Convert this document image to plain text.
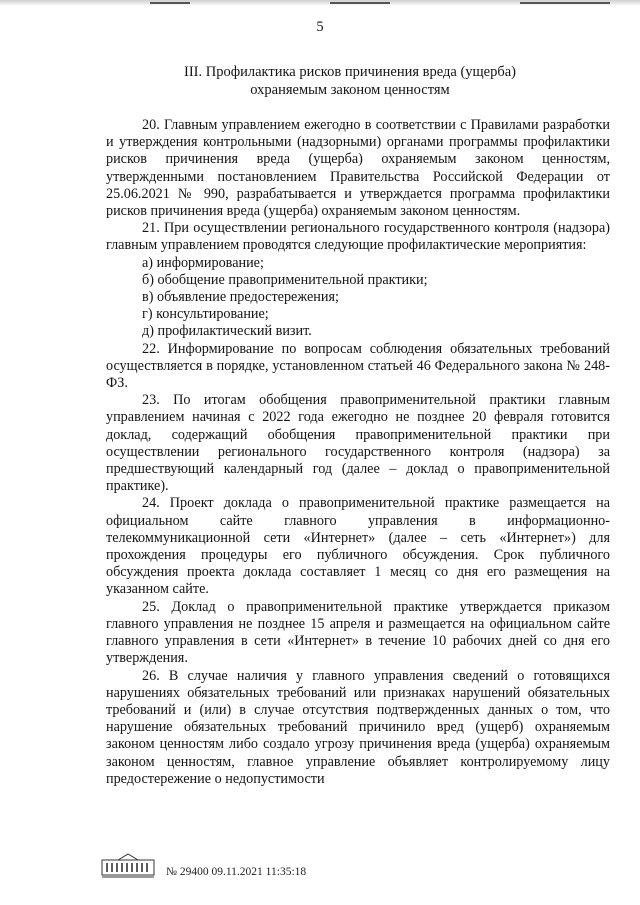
5
III. Профилактика рисков причинения вреда (ущерба)
охраняемым законом ценностям

20. Главным управлением ежегодно в соответствии с Правилами разработки и утверждения контрольными (надзорными) органами программы профилактики рисков причинения вреда (ущерба) охраняемым законом ценностям, утвержденными постановлением Правительства Российской Федерации от 25.06.2021 № 990, разрабатывается и утверждается программа профилактики рисков причинения вреда (ущерба) охраняемым законом ценностям.

21. При осуществлении регионального государственного контроля (надзора) главным управлением проводятся следующие профилактические мероприятия:

а) информирование;

б) обобщение правоприменительной практики;

в) объявление предостережения;

г) консультирование;

д) профилактический визит.

22. Информирование по вопросам соблюдения обязательных требований осуществляется в порядке, установленном статьей 46 Федерального закона № 248-ФЗ.

23. По итогам обобщения правоприменительной практики главным управлением начиная с 2022 года ежегодно не позднее 20 февраля готовится доклад, содержащий обобщения правоприменительной практики при осуществлении регионального государственного контроля (надзора) за предшествующий календарный год (далее – доклад о правоприменительной практике).

24. Проект доклада о правоприменительной практике размещается на официальном сайте главного управления в информационно-телекоммуникационной сети «Интернет» (далее – сеть «Интернет») для прохождения процедуры его публичного обсуждения. Срок публичного обсуждения проекта доклада составляет 1 месяц со дня его размещения на указанном сайте.

25. Доклад о правоприменительной практике утверждается приказом главного управления не позднее 15 апреля и размещается на официальном сайте главного управления в сети «Интернет» в течение 10 рабочих дней со дня его утверждения.

26. В случае наличия у главного управления сведений о готовящихся нарушениях обязательных требований или признаках нарушений обязательных требований и (или) в случае отсутствия подтвержденных данных о том, что нарушение обязательных требований причинило вред (ущерб) охраняемым законом ценностям либо создало угрозу причинения вреда (ущерба) охраняемым законом ценностям, главное управление объявляет контролируемому лицу предостережение о недопустимости

№ 29400 09.11.2021 11:35:18
